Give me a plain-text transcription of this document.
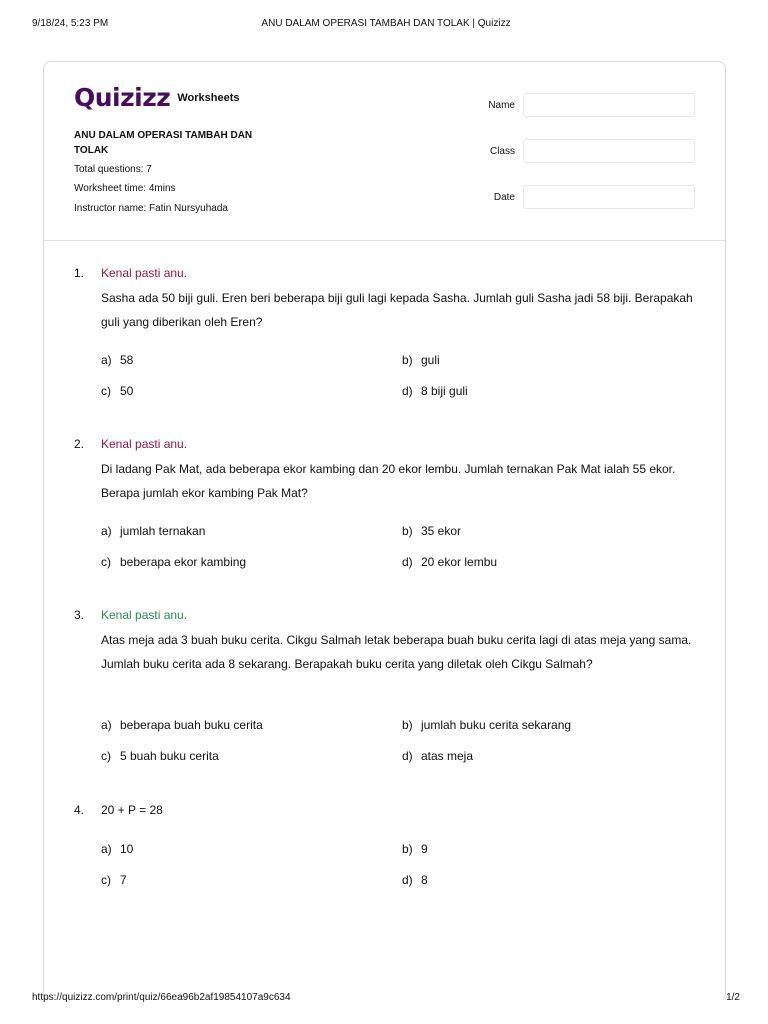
9/18/24, 5:23 PM	ANU DALAM OPERASI TAMBAH DAN TOLAK | Quizizz
Quizizz Worksheets
ANU DALAM OPERASI TAMBAH DAN TOLAK
Total questions: 7
Worksheet time: 4mins
Instructor name: Fatin Nursyuhada
Name
Class
Date
1. Kenal pasti anu.
Sasha ada 50 biji guli. Eren beri beberapa biji guli lagi kepada Sasha. Jumlah guli Sasha jadi 58 biji. Berapakah guli yang diberikan oleh Eren?
a) 58	b) guli
c) 50	d) 8 biji guli
2. Kenal pasti anu.
Di ladang Pak Mat, ada beberapa ekor kambing dan 20 ekor lembu. Jumlah ternakan Pak Mat ialah 55 ekor. Berapa jumlah ekor kambing Pak Mat?
a) jumlah ternakan	b) 35 ekor
c) beberapa ekor kambing	d) 20 ekor lembu
3. Kenal pasti anu.
Atas meja ada 3 buah buku cerita. Cikgu Salmah letak beberapa buah buku cerita lagi di atas meja yang sama. Jumlah buku cerita ada 8 sekarang. Berapakah buku cerita yang diletak oleh Cikgu Salmah?
a) beberapa buah buku cerita	b) jumlah buku cerita sekarang
c) 5 buah buku cerita	d) atas meja
4. 20 + P = 28
a) 10	b) 9
c) 7	d) 8
https://quizizz.com/print/quiz/66ea96b2af19854107a9c634	1/2
